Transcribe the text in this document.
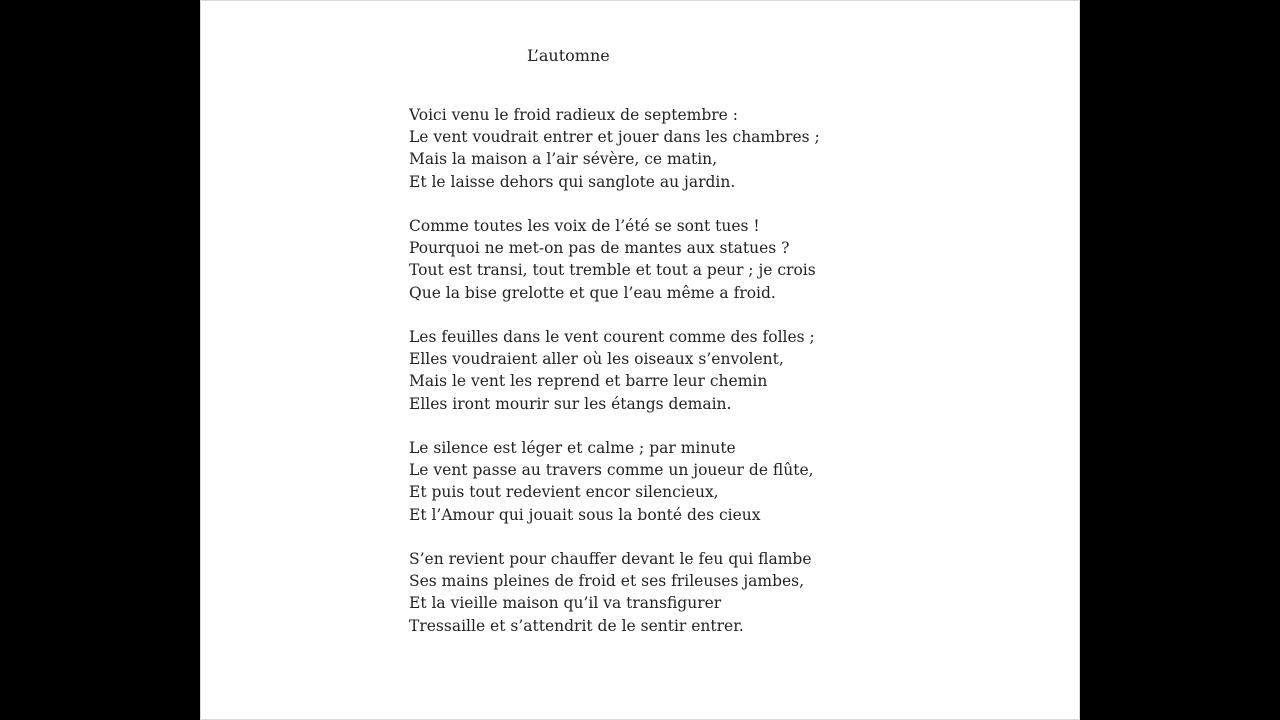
L’automne
Voici venu le froid radieux de septembre :
Le vent voudrait entrer et jouer dans les chambres ;
Mais la maison a l’air sévère, ce matin,
Et le laisse dehors qui sanglote au jardin.
Comme toutes les voix de l’été se sont tues !
Pourquoi ne met-on pas de mantes aux statues ?
Tout est transi, tout tremble et tout a peur ; je crois
Que la bise grelotte et que l’eau même a froid.
Les feuilles dans le vent courent comme des folles ;
Elles voudraient aller où les oiseaux s’envolent,
Mais le vent les reprend et barre leur chemin
Elles iront mourir sur les étangs demain.
Le silence est léger et calme ; par minute
Le vent passe au travers comme un joueur de flûte,
Et puis tout redevient encor silencieux,
Et l’Amour qui jouait sous la bonté des cieux
S’en revient pour chauffer devant le feu qui flambe
Ses mains pleines de froid et ses frileuses jambes,
Et la vieille maison qu’il va transfigurer
Tressaille et s’attendrit de le sentir entrer.
